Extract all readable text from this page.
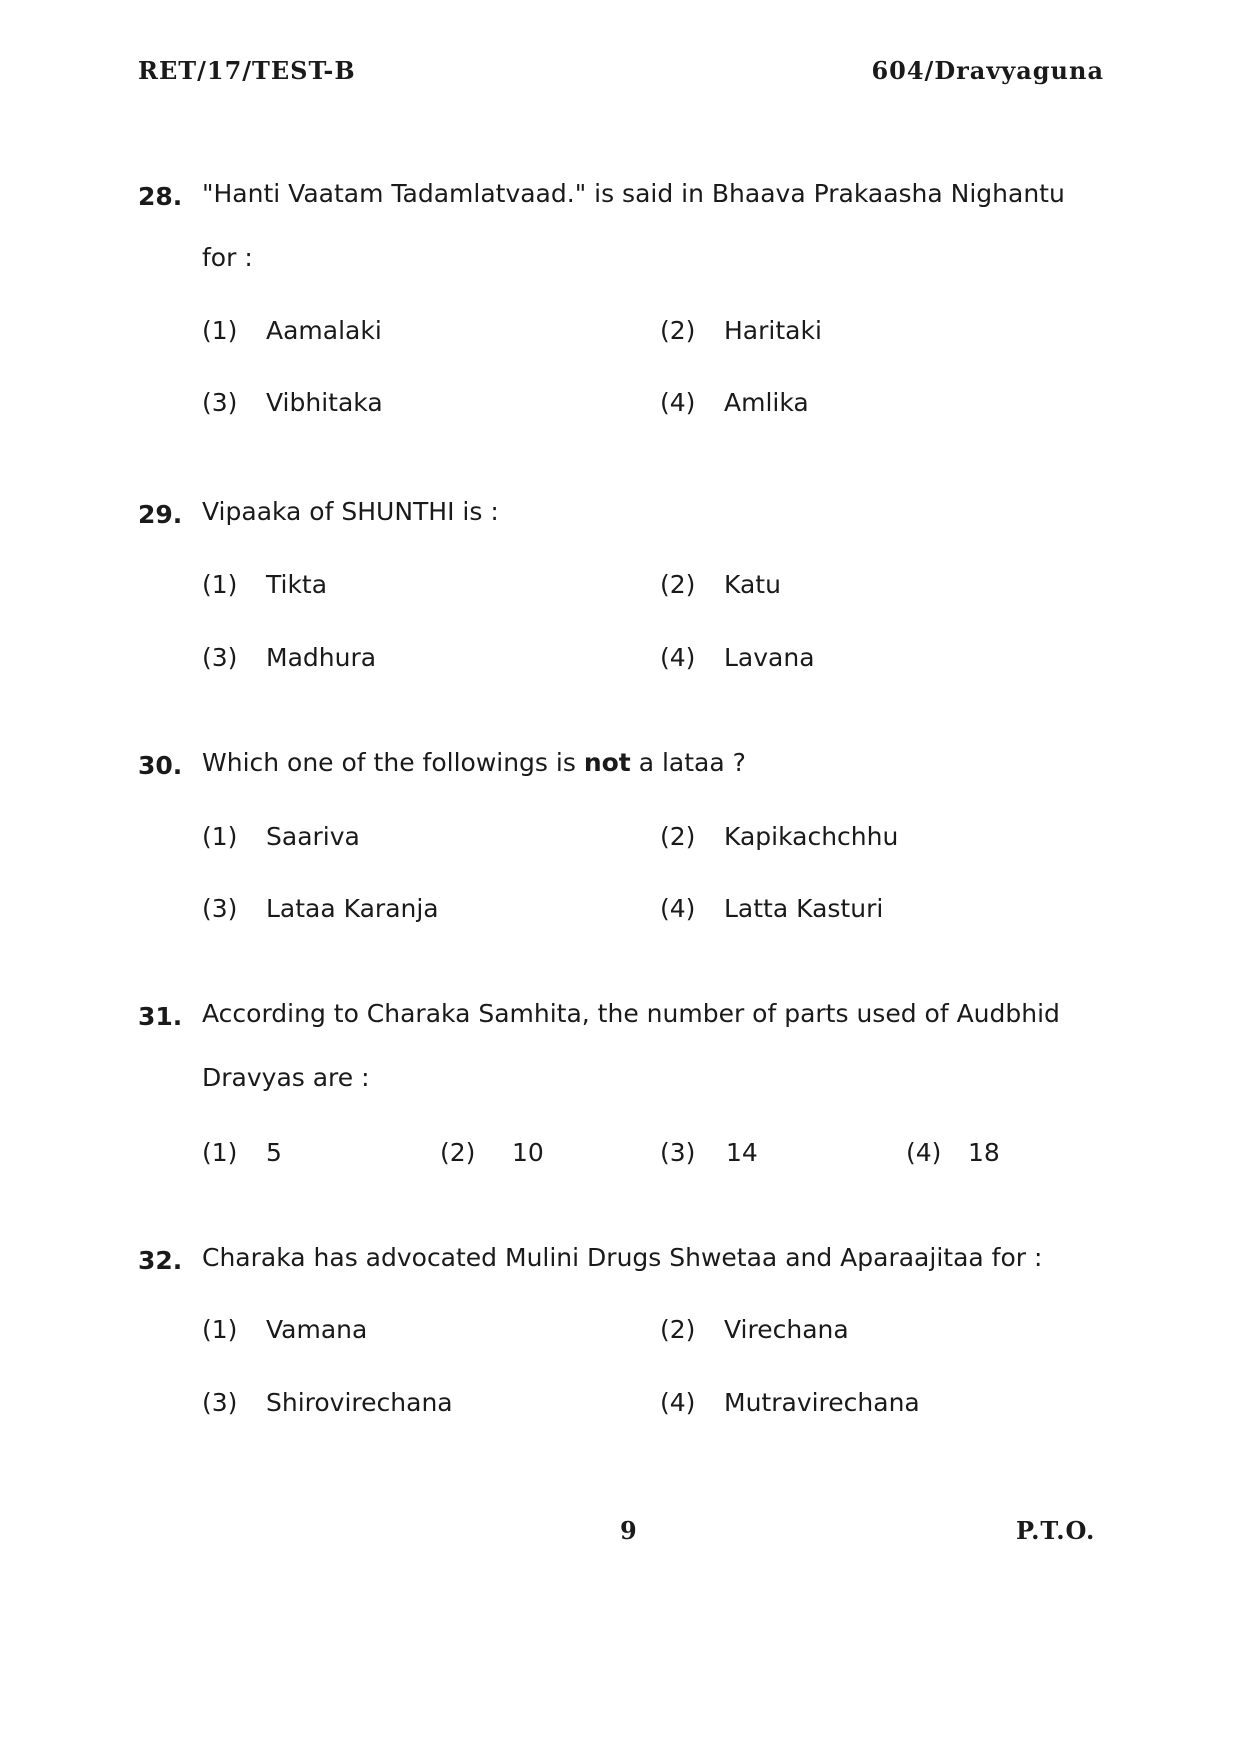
RET/17/TEST-B	604/Dravyaguna
28. "Hanti Vaatam Tadamlatvaad." is said in Bhaava Prakaasha Nighantu for :
(1) Aamalaki	(2) Haritaki
(3) Vibhitaka	(4) Amlika
29. Vipaaka of SHUNTHI is :
(1) Tikta	(2) Katu
(3) Madhura	(4) Lavana
30. Which one of the followings is not a lataa ?
(1) Saariva	(2) Kapikachchhu
(3) Lataa Karanja	(4) Latta Kasturi
31. According to Charaka Samhita, the number of parts used of Audbhid Dravyas are :
(1) 5	(2) 10	(3) 14	(4) 18
32. Charaka has advocated Mulini Drugs Shwetaa and Aparaajitaa for :
(1) Vamana	(2) Virechana
(3) Shirovirechana	(4) Mutravirechana
9	P.T.O.
